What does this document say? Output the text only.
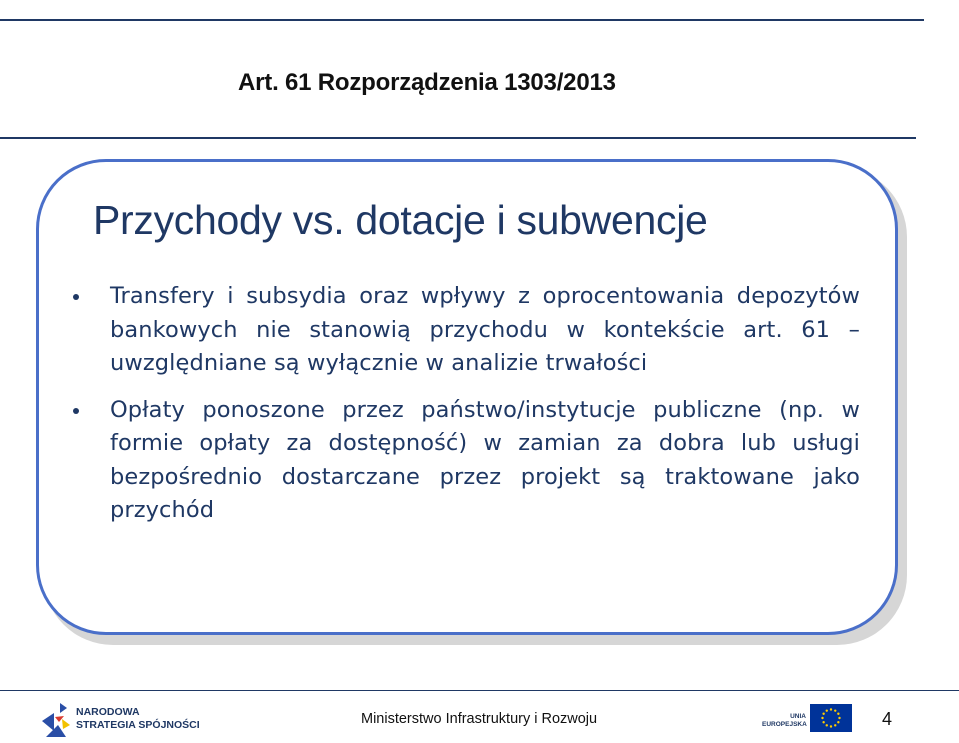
Art. 61 Rozporządzenia 1303/2013
Przychody vs. dotacje i subwencje
Transfery i subsydia oraz wpływy z oprocentowania depozytów bankowych nie stanowią przychodu w kontekście art. 61 – uwzględniane są wyłącznie w analizie trwałości
Opłaty ponoszone przez państwo/instytucje publiczne (np. w formie opłaty za dostępność) w zamian za dobra lub usługi bezpośrednio dostarczane przez projekt są traktowane jako przychód
NARODOWA
STRATEGIA SPÓJNOŚCI	Ministerstwo Infrastruktury i Rozwoju	UNIA
EUROPEJSKA	4
